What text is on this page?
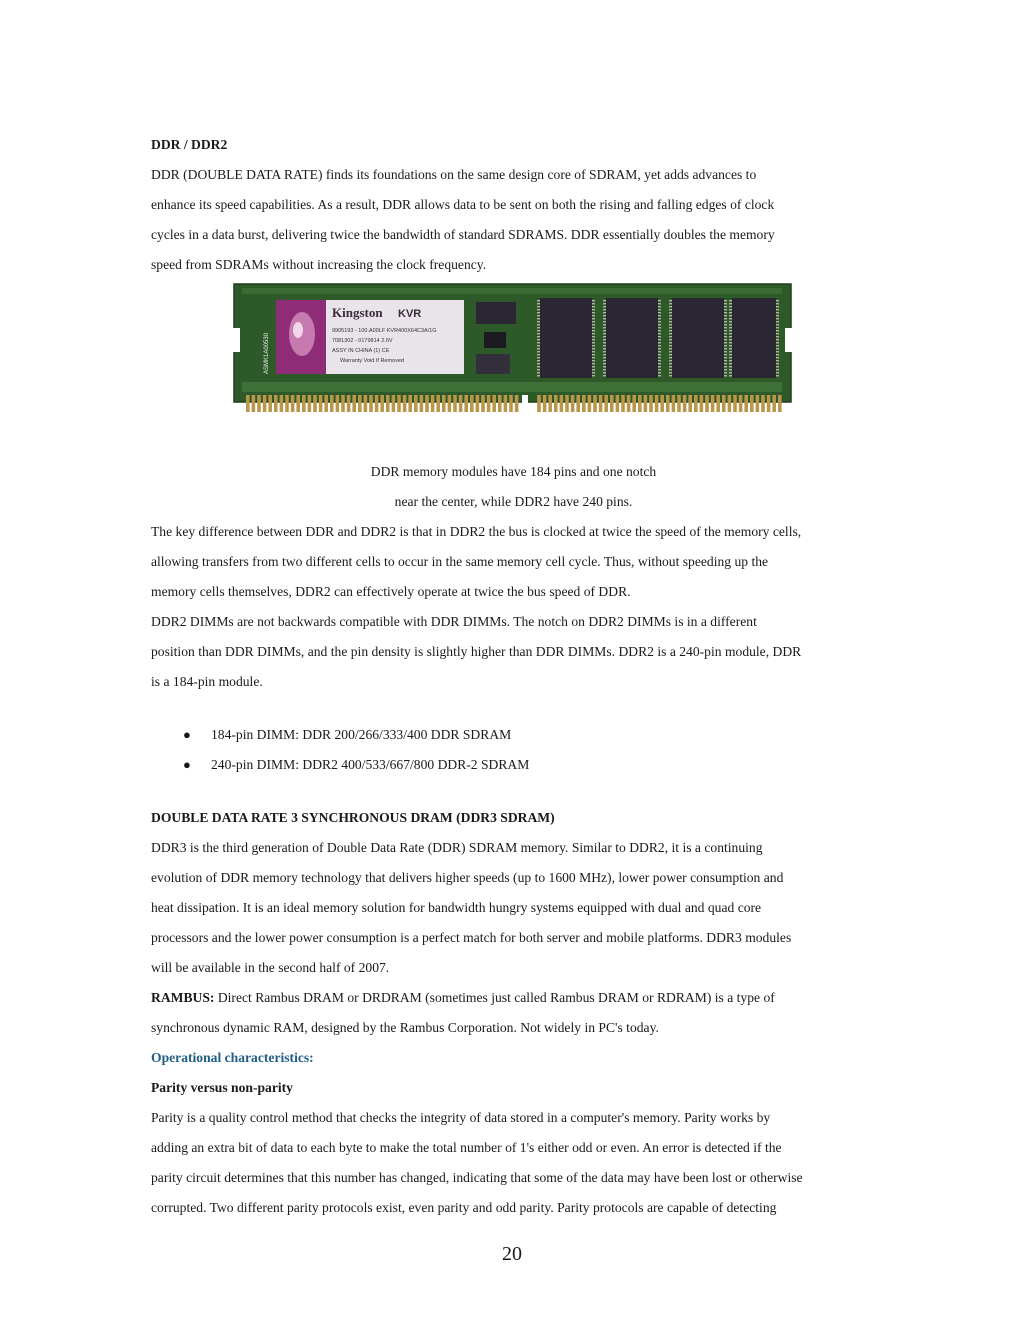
DDR / DDR2

DDR (DOUBLE DATA RATE) finds its foundations on the same design core of SDRAM, yet adds advances to

enhance its speed capabilities. As a result, DDR allows data to be sent on both the rising and falling edges of clock

cycles in a data burst, delivering twice the bandwidth of standard SDRAMS. DDR essentially doubles the memory

speed from SDRAMs without increasing the clock frequency.

Kingston KVR
9905193 - 100.A00LF KVR400X64C3A/1G
7081302 - 0179814 2.6V
ASSY IN CHINA (1) CE
Warranty Void If Removed
ASMK1A00530

DDR memory modules have 184 pins and one notch

near the center, while DDR2 have 240 pins.

The key difference between DDR and DDR2 is that in DDR2 the bus is clocked at twice the speed of the memory cells,

allowing transfers from two different cells to occur in the same memory cell cycle. Thus, without speeding up the

memory cells themselves, DDR2 can effectively operate at twice the bus speed of DDR.

DDR2 DIMMs are not backwards compatible with DDR DIMMs. The notch on DDR2 DIMMs is in a different

position than DDR DIMMs, and the pin density is slightly higher than DDR DIMMs. DDR2 is a 240-pin module, DDR

is a 184-pin module.

● 184-pin DIMM: DDR 200/266/333/400 DDR SDRAM
● 240-pin DIMM: DDR2 400/533/667/800 DDR-2 SDRAM

DOUBLE DATA RATE 3 SYNCHRONOUS DRAM (DDR3 SDRAM)

DDR3 is the third generation of Double Data Rate (DDR) SDRAM memory. Similar to DDR2, it is a continuing

evolution of DDR memory technology that delivers higher speeds (up to 1600 MHz), lower power consumption and

heat dissipation. It is an ideal memory solution for bandwidth hungry systems equipped with dual and quad core

processors and the lower power consumption is a perfect match for both server and mobile platforms. DDR3 modules

will be available in the second half of 2007.

RAMBUS: Direct Rambus DRAM or DRDRAM (sometimes just called Rambus DRAM or RDRAM) is a type of

synchronous dynamic RAM, designed by the Rambus Corporation. Not widely in PC's today.

Operational characteristics:

Parity versus non-parity

Parity is a quality control method that checks the integrity of data stored in a computer's memory. Parity works by

adding an extra bit of data to each byte to make the total number of 1's either odd or even. An error is detected if the

parity circuit determines that this number has changed, indicating that some of the data may have been lost or otherwise

corrupted. Two different parity protocols exist, even parity and odd parity. Parity protocols are capable of detecting

20
